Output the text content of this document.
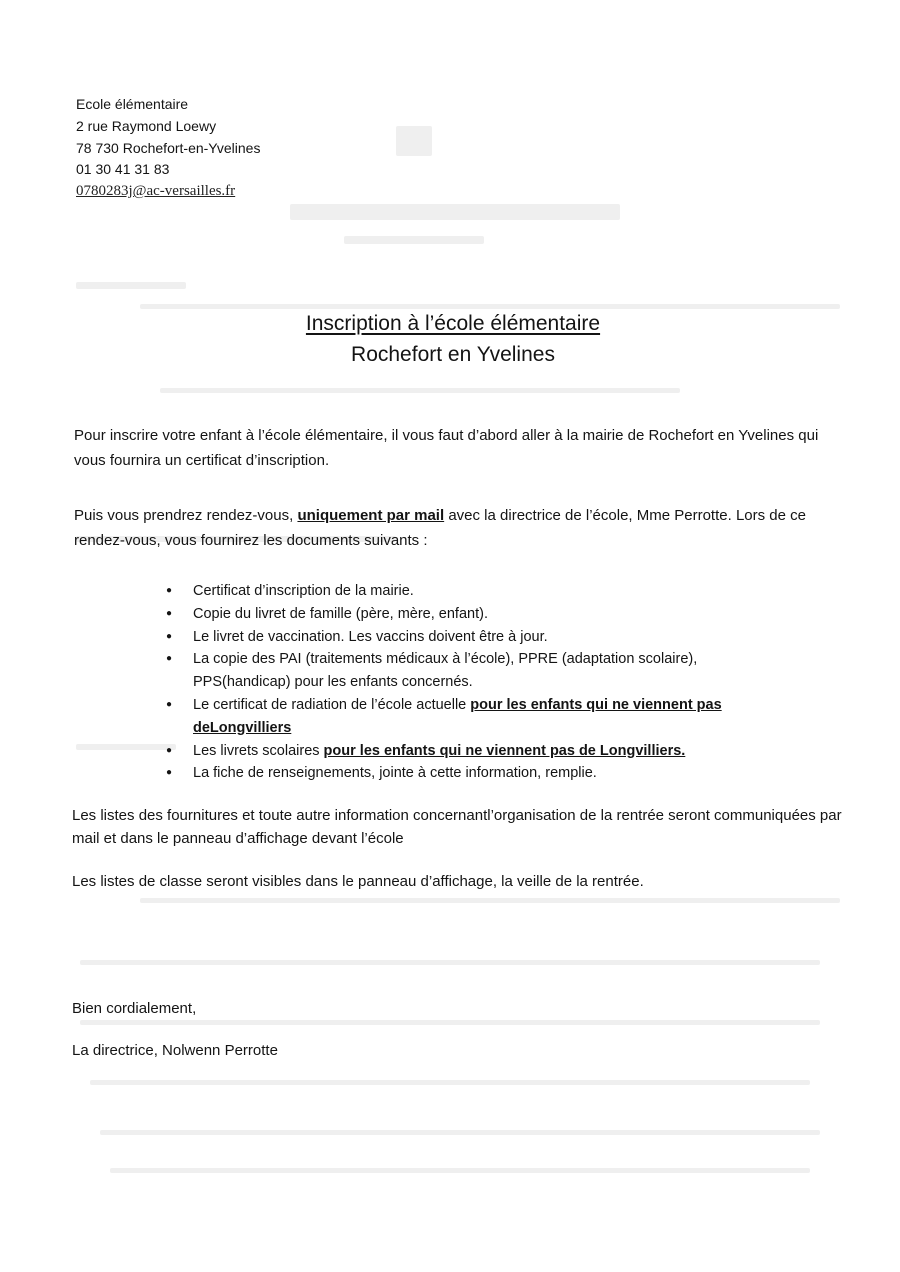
Ecole élémentaire
2 rue Raymond Loewy
78 730 Rochefort-en-Yvelines
01 30 41 31 83
0780283j@ac-versailles.fr
Inscription à l’école élémentaire
Rochefort en Yvelines

Pour inscrire votre enfant à l’école élémentaire, il vous faut d’abord aller à la mairie de Rochefort en Yvelines qui vous fournira un certificat d’inscription.

Puis vous prendrez rendez-vous, uniquement par mail avec la directrice de l’école, Mme Perrotte. Lors de ce rendez-vous, vous fournirez les documents suivants :

● Certificat d’inscription de la mairie.
● Copie du livret de famille (père, mère, enfant).
● Le livret de vaccination. Les vaccins doivent être à jour.
● La copie des PAI (traitements médicaux à l’école), PPRE (adaptation scolaire), PPS(handicap) pour les enfants concernés.
● Le certificat de radiation de l’école actuelle pour les enfants qui ne viennent pas deLongvilliers
● Les livrets scolaires pour les enfants qui ne viennent pas de Longvilliers.
● La fiche de renseignements, jointe à cette information, remplie.

Les listes des fournitures et toute autre information concernantl’organisation de la rentrée seront communiquées par mail et dans le panneau d’affichage devant l’école

Les listes de classe seront visibles dans le panneau d’affichage, la veille de la rentrée.

Bien cordialement,

La directrice, Nolwenn Perrotte
